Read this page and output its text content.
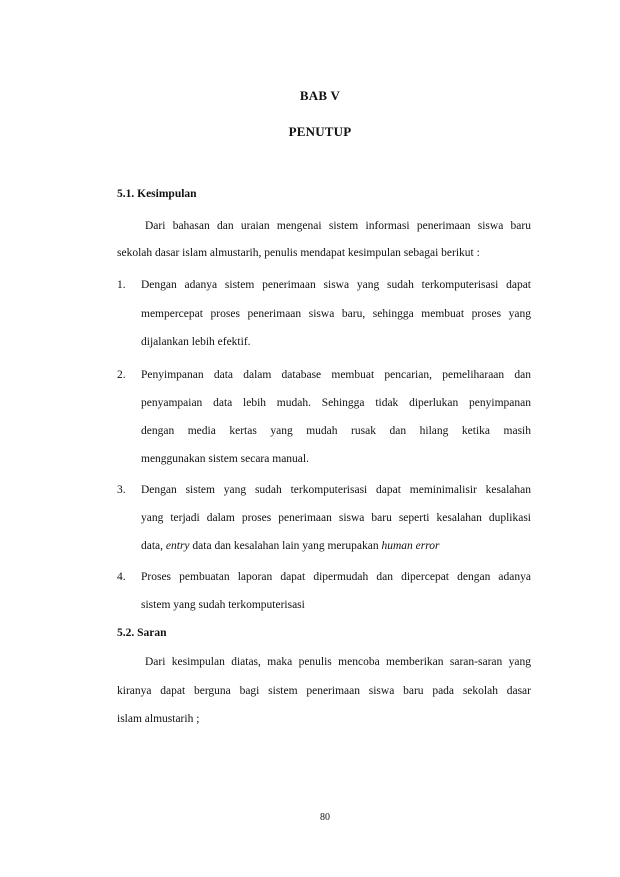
BAB V
PENUTUP
5.1. Kesimpulan
Dari bahasan dan uraian mengenai sistem informasi penerimaan siswa baru
sekolah dasar islam almustarih, penulis mendapat kesimpulan sebagai berikut :
1. Dengan adanya sistem penerimaan siswa yang sudah terkomputerisasi dapat
mempercepat proses penerimaan siswa baru, sehingga membuat proses yang
dijalankan lebih efektif.
2. Penyimpanan data dalam database membuat pencarian, pemeliharaan dan
penyampaian data lebih mudah. Sehingga tidak diperlukan penyimpanan
dengan media kertas yang mudah rusak dan hilang ketika masih
menggunakan sistem secara manual.
3. Dengan sistem yang sudah terkomputerisasi dapat meminimalisir kesalahan
yang terjadi dalam proses penerimaan siswa baru seperti kesalahan duplikasi
data, entry data dan kesalahan lain yang merupakan human error
4. Proses pembuatan laporan dapat dipermudah dan dipercepat dengan adanya
sistem yang sudah terkomputerisasi
5.2. Saran
Dari kesimpulan diatas, maka penulis mencoba memberikan saran-saran yang
kiranya dapat berguna bagi sistem penerimaan siswa baru pada sekolah dasar
islam almustarih ;
80
